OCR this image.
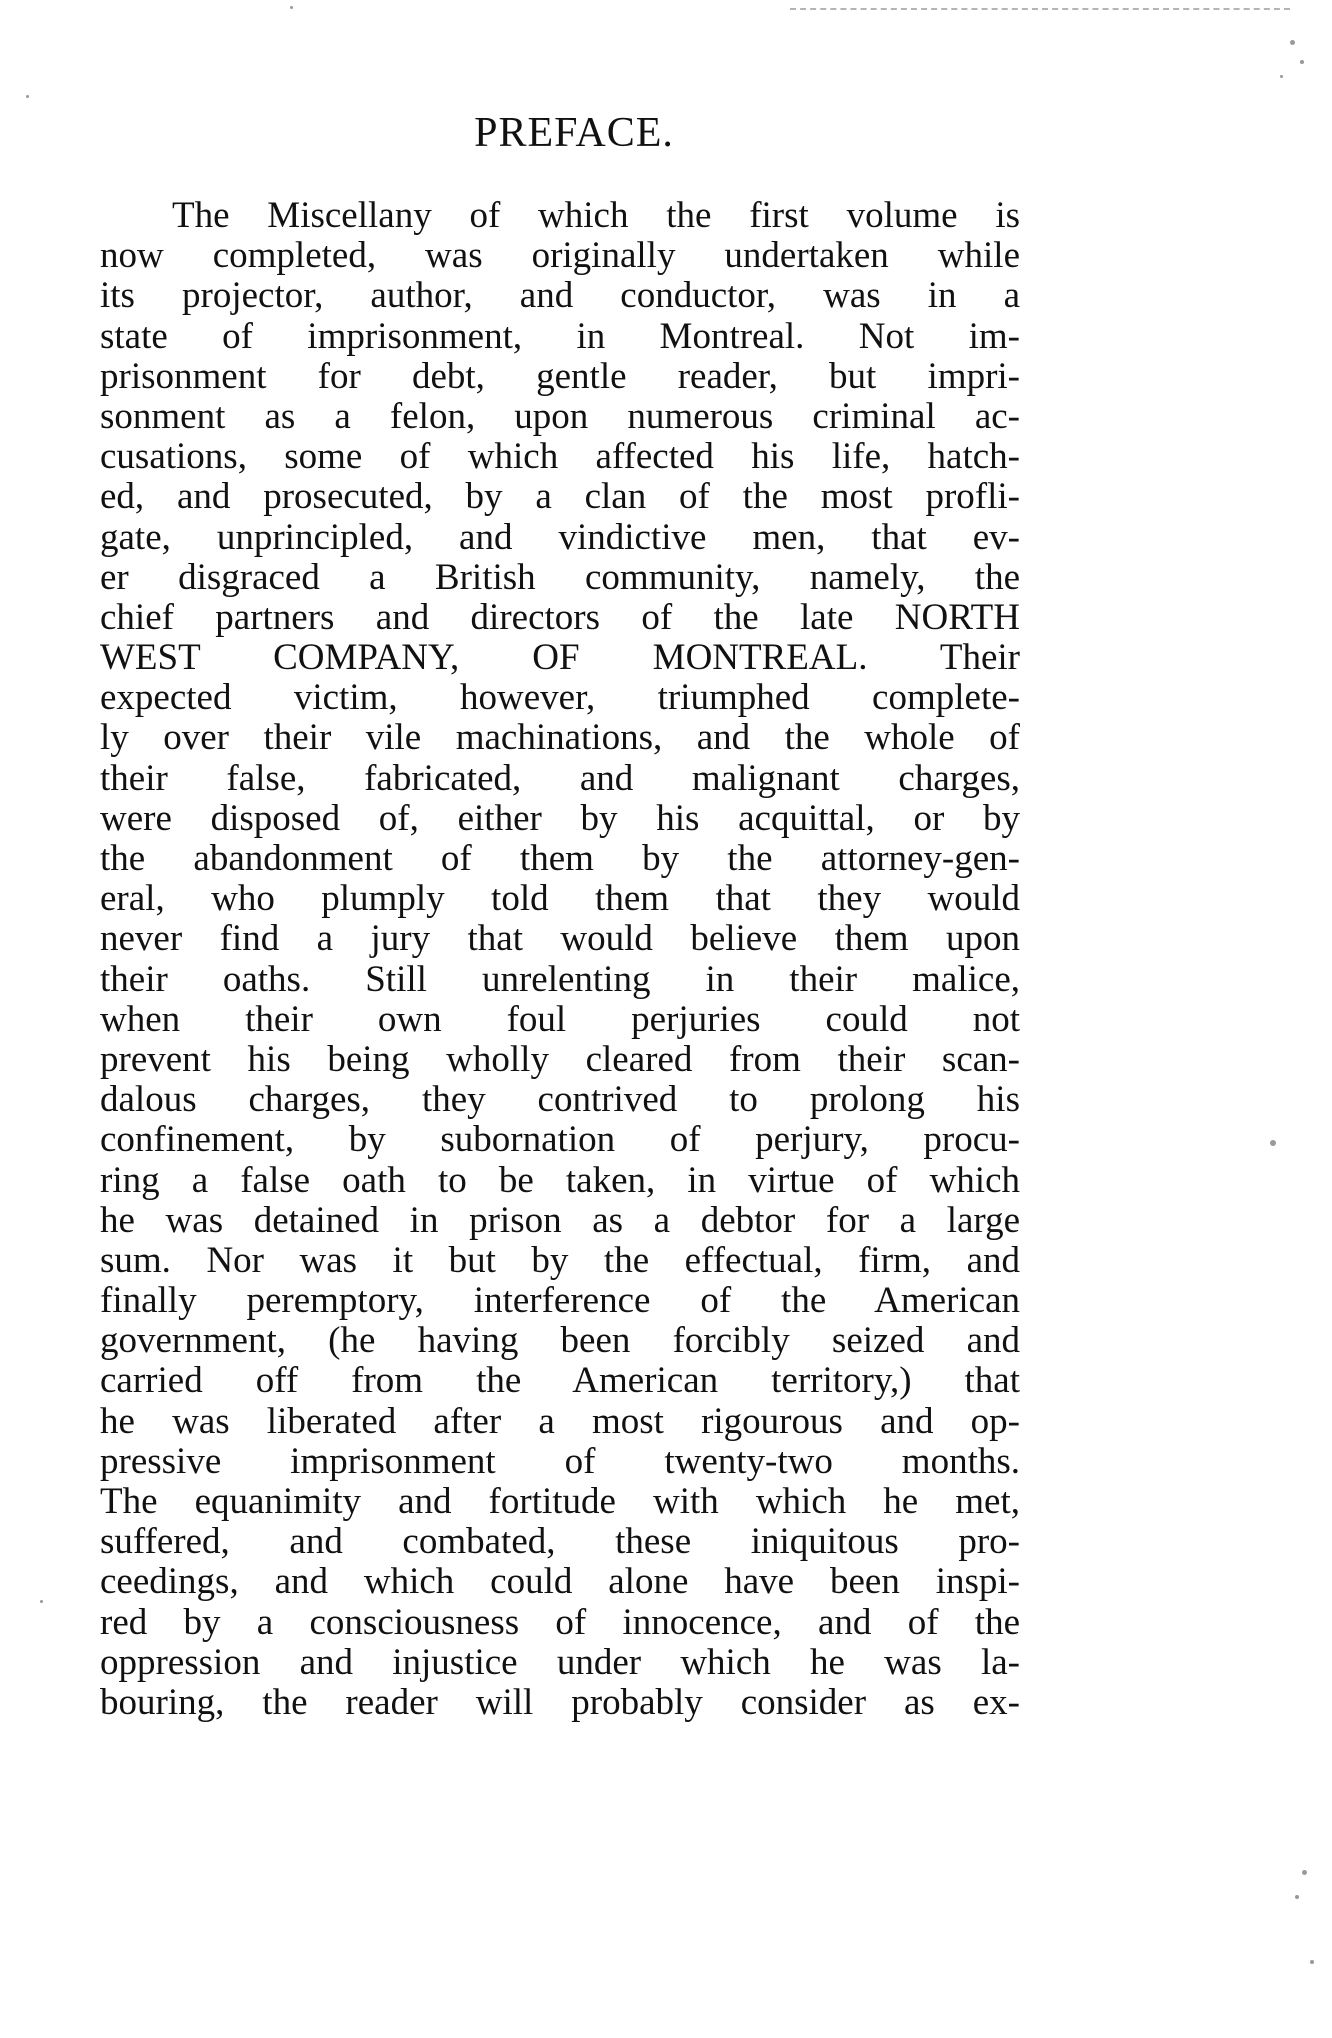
PREFACE.
The Miscellany of which the first volume is
now completed, was originally undertaken while
its projector, author, and conductor, was in a
state of imprisonment, in Montreal. Not im-
prisonment for debt, gentle reader, but impri-
sonment as a felon, upon numerous criminal ac-
cusations, some of which affected his life, hatch-
ed, and prosecuted, by a clan of the most profli-
gate, unprincipled, and vindictive men, that ev-
er disgraced a British community, namely, the
chief partners and directors of the late NORTH
WEST COMPANY, OF MONTREAL. Their
expected victim, however, triumphed complete-
ly over their vile machinations, and the whole of
their false, fabricated, and malignant charges,
were disposed of, either by his acquittal, or by
the abandonment of them by the attorney-gen-
eral, who plumply told them that they would
never find a jury that would believe them upon
their oaths. Still unrelenting in their malice,
when their own foul perjuries could not
prevent his being wholly cleared from their scan-
dalous charges, they contrived to prolong his
confinement, by subornation of perjury, procu-
ring a false oath to be taken, in virtue of which
he was detained in prison as a debtor for a large
sum. Nor was it but by the effectual, firm, and
finally peremptory, interference of the American
government, (he having been forcibly seized and
carried off from the American territory,) that
he was liberated after a most rigourous and op-
pressive imprisonment of twenty-two months.
The equanimity and fortitude with which he met,
suffered, and combated, these iniquitous pro-
ceedings, and which could alone have been inspi-
red by a consciousness of innocence, and of the
oppression and injustice under which he was la-
bouring, the reader will probably consider as ex-
